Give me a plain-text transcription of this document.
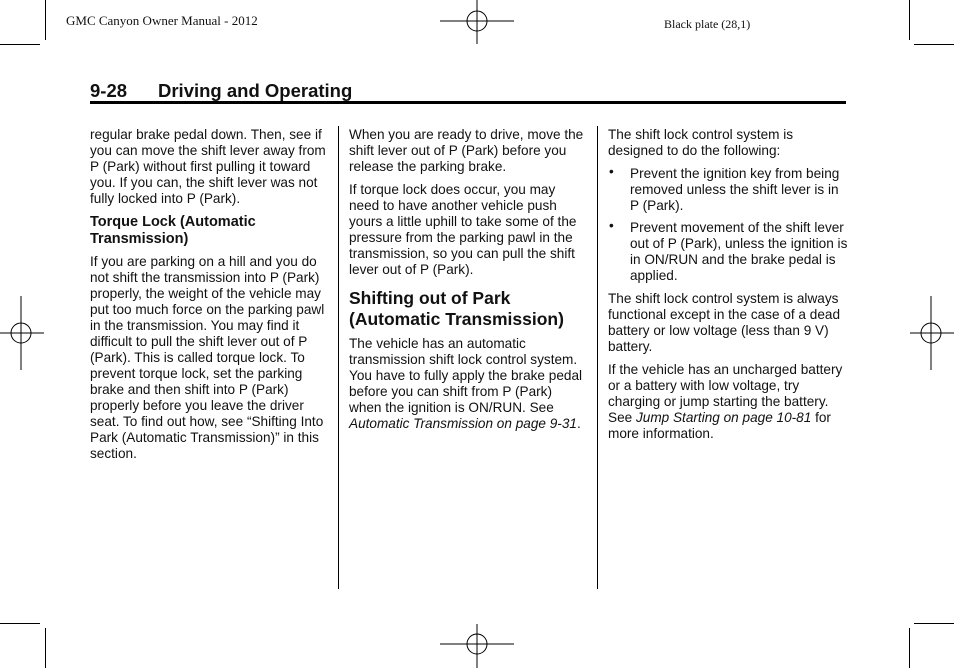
GMC Canyon Owner Manual - 2012	Black plate (28,1)
9-28 Driving and Operating

regular brake pedal down. Then, see if you can move the shift lever away from P (Park) without first pulling it toward you. If you can, the shift lever was not fully locked into P (Park).

Torque Lock (Automatic Transmission)

If you are parking on a hill and you do not shift the transmission into P (Park) properly, the weight of the vehicle may put too much force on the parking pawl in the transmission. You may find it difficult to pull the shift lever out of P (Park). This is called torque lock. To prevent torque lock, set the parking brake and then shift into P (Park) properly before you leave the driver seat. To find out how, see “Shifting Into Park (Automatic Transmission)” in this section.

When you are ready to drive, move the shift lever out of P (Park) before you release the parking brake.

If torque lock does occur, you may need to have another vehicle push yours a little uphill to take some of the pressure from the parking pawl in the transmission, so you can pull the shift lever out of P (Park).

Shifting out of Park (Automatic Transmission)

The vehicle has an automatic transmission shift lock control system. You have to fully apply the brake pedal before you can shift from P (Park) when the ignition is ON/RUN. See Automatic Transmission on page 9-31.

The shift lock control system is designed to do the following:

• Prevent the ignition key from being removed unless the shift lever is in P (Park).
• Prevent movement of the shift lever out of P (Park), unless the ignition is in ON/RUN and the brake pedal is applied.

The shift lock control system is always functional except in the case of a dead battery or low voltage (less than 9 V) battery.

If the vehicle has an uncharged battery or a battery with low voltage, try charging or jump starting the battery. See Jump Starting on page 10-81 for more information.
